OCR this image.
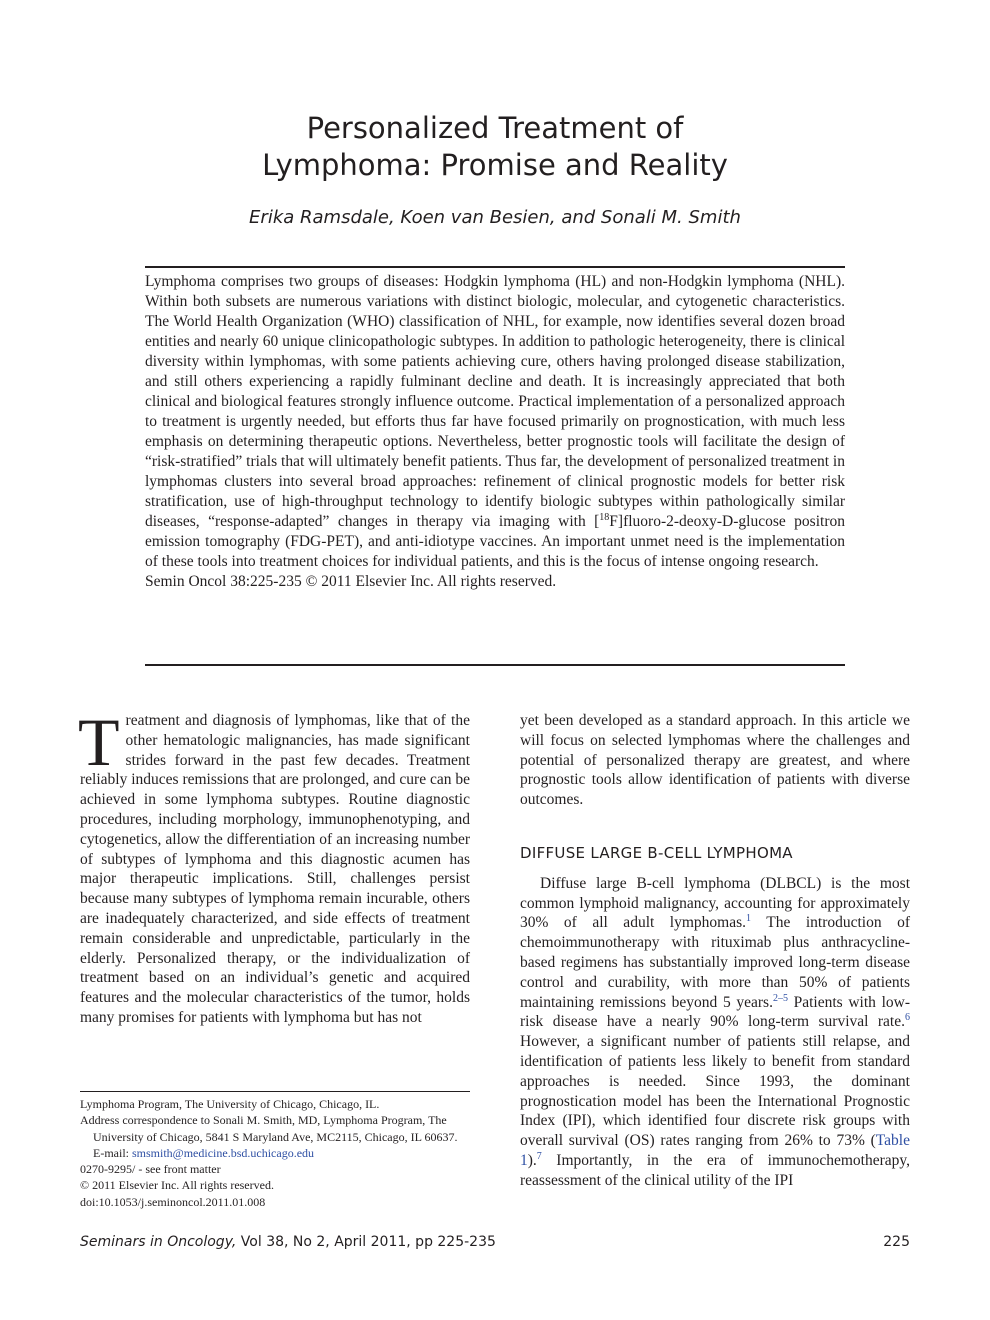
Personalized Treatment of
Lymphoma: Promise and Reality
Erika Ramsdale, Koen van Besien, and Sonali M. Smith

Lymphoma comprises two groups of diseases: Hodgkin lymphoma (HL) and non-Hodgkin lymphoma (NHL). Within both subsets are numerous variations with distinct biologic, molecular, and cytogenetic characteristics. The World Health Organization (WHO) classification of NHL, for example, now identifies several dozen broad entities and nearly 60 unique clinicopathologic subtypes. In addition to pathologic heterogeneity, there is clinical diversity within lymphomas, with some patients achieving cure, others having prolonged disease stabilization, and still others experiencing a rapidly fulminant decline and death. It is increasingly appreciated that both clinical and biological features strongly influence outcome. Practical implementation of a personalized approach to treatment is urgently needed, but efforts thus far have focused primarily on prognostication, with much less emphasis on determining therapeutic options. Nevertheless, better prognostic tools will facilitate the design of “risk-stratified” trials that will ultimately benefit patients. Thus far, the development of personalized treatment in lymphomas clusters into several broad approaches: refinement of clinical prognostic models for better risk stratification, use of high-throughput technology to identify biologic subtypes within pathologically similar diseases, “response-adapted” changes in therapy via imaging with [$^{18}$F]fluoro-2-deoxy-D-glucose positron emission tomography (FDG-PET), and anti-idiotype vaccines. An important unmet need is the implementation of these tools into treatment choices for individual patients, and this is the focus of intense ongoing research.

Semin Oncol 38:225-235 © 2011 Elsevier Inc. All rights reserved.

Treatment and diagnosis of lymphomas, like that of the other hematologic malignancies, has made significant strides forward in the past few decades. Treatment reliably induces remissions that are prolonged, and cure can be achieved in some lymphoma subtypes. Routine diagnostic procedures, including morphology, immunophenotyping, and cytogenetics, allow the differentiation of an increasing number of subtypes of lymphoma and this diagnostic acumen has major therapeutic implications. Still, challenges persist because many subtypes of lymphoma remain incurable, others are inadequately characterized, and side effects of treatment remain considerable and unpredictable, particularly in the elderly. Personalized therapy, or the individualization of treatment based on an individual’s genetic and acquired features and the molecular characteristics of the tumor, holds many promises for patients with lymphoma but has not

Lymphoma Program, The University of Chicago, Chicago, IL.

Address correspondence to Sonali M. Smith, MD, Lymphoma Program, The University of Chicago, 5841 S Maryland Ave, MC2115, Chicago, IL 60637. E-mail: smsmith@medicine.bsd.uchicago.edu

0270-9295/ - see front matter

© 2011 Elsevier Inc. All rights reserved.

doi:10.1053/j.seminoncol.2011.01.008

yet been developed as a standard approach. In this article we will focus on selected lymphomas where the challenges and potential of personalized therapy are greatest, and where prognostic tools allow identification of patients with diverse outcomes.

DIFFUSE LARGE B-CELL LYMPHOMA

Diffuse large B-cell lymphoma (DLBCL) is the most common lymphoid malignancy, accounting for approximately 30% of all adult lymphomas.$^1$ The introduction of chemoimmunotherapy with rituximab plus anthracycline-based regimens has substantially improved long-term disease control and curability, with more than 50% of patients maintaining remissions beyond 5 years.$^{2-5}$ Patients with low-risk disease have a nearly 90% long-term survival rate.$^6$ However, a significant number of patients still relapse, and identification of patients less likely to benefit from standard approaches is needed. Since 1993, the dominant prognostication model has been the International Prognostic Index (IPI), which identified four discrete risk groups with overall survival (OS) rates ranging from 26% to 73% (Table 1).$^7$ Importantly, in the era of immunochemotherapy, reassessment of the clinical utility of the IPI

Seminars in Oncology, Vol 38, No 2, April 2011, pp 225-235	225
